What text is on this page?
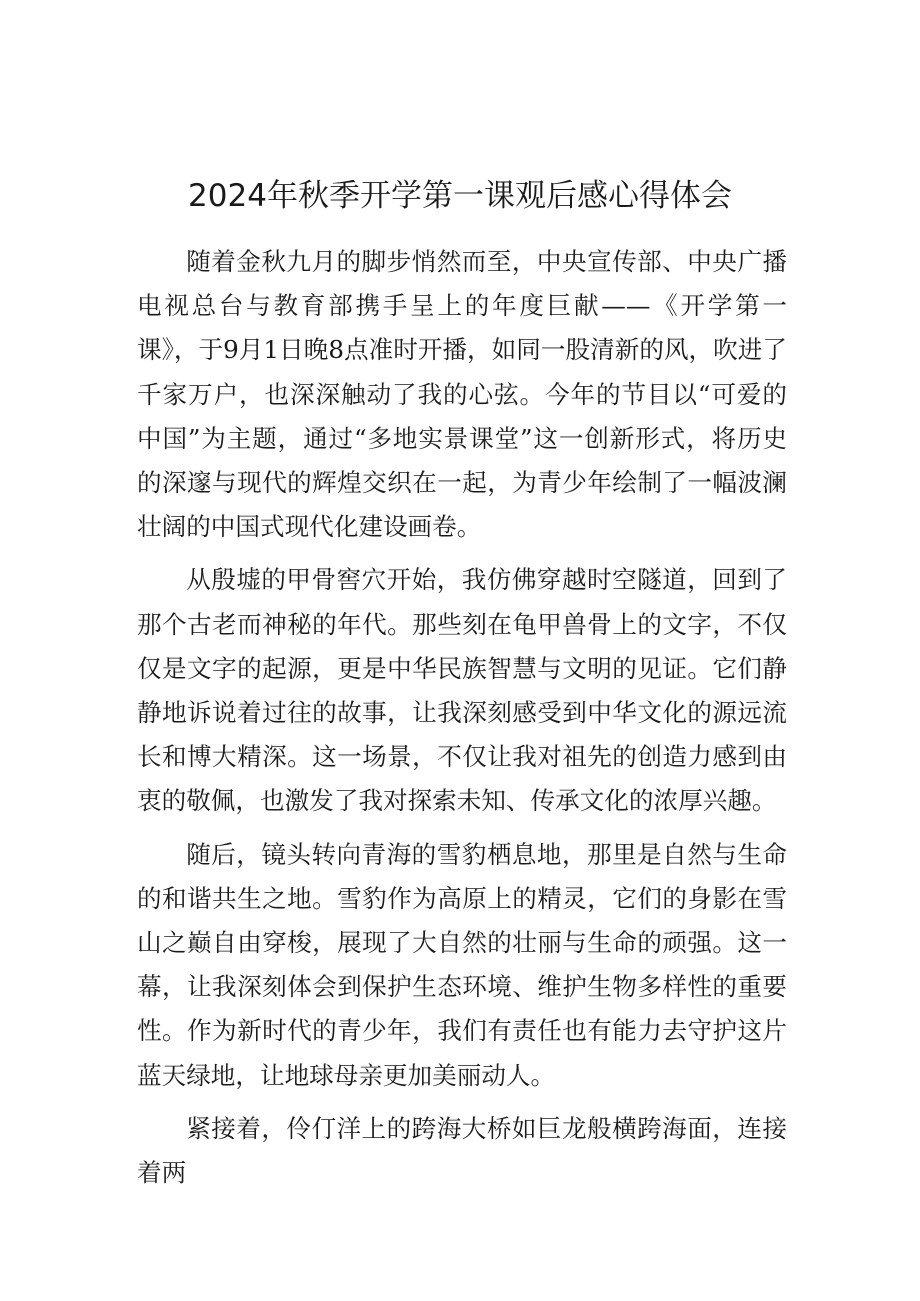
2024年秋季开学第一课观后感心得体会

随着金秋九月的脚步悄然而至，中央宣传部、中央广播电视总台与教育部携手呈上的年度巨献——《开学第一课》，于9月1日晚8点准时开播，如同一股清新的风，吹进了千家万户，也深深触动了我的心弦。今年的节目以“可爱的中国”为主题，通过“多地实景课堂”这一创新形式，将历史的深邃与现代的辉煌交织在一起，为青少年绘制了一幅波澜壮阔的中国式现代化建设画卷。

从殷墟的甲骨窖穴开始，我仿佛穿越时空隧道，回到了那个古老而神秘的年代。那些刻在龟甲兽骨上的文字，不仅仅是文字的起源，更是中华民族智慧与文明的见证。它们静静地诉说着过往的故事，让我深刻感受到中华文化的源远流长和博大精深。这一场景，不仅让我对祖先的创造力感到由衷的敬佩，也激发了我对探索未知、传承文化的浓厚兴趣。

随后，镜头转向青海的雪豹栖息地，那里是自然与生命的和谐共生之地。雪豹作为高原上的精灵，它们的身影在雪山之巅自由穿梭，展现了大自然的壮丽与生命的顽强。这一幕，让我深刻体会到保护生态环境、维护生物多样性的重要性。作为新时代的青少年，我们有责任也有能力去守护这片蓝天绿地，让地球母亲更加美丽动人。

紧接着，伶仃洋上的跨海大桥如巨龙般横跨海面，连接着两
